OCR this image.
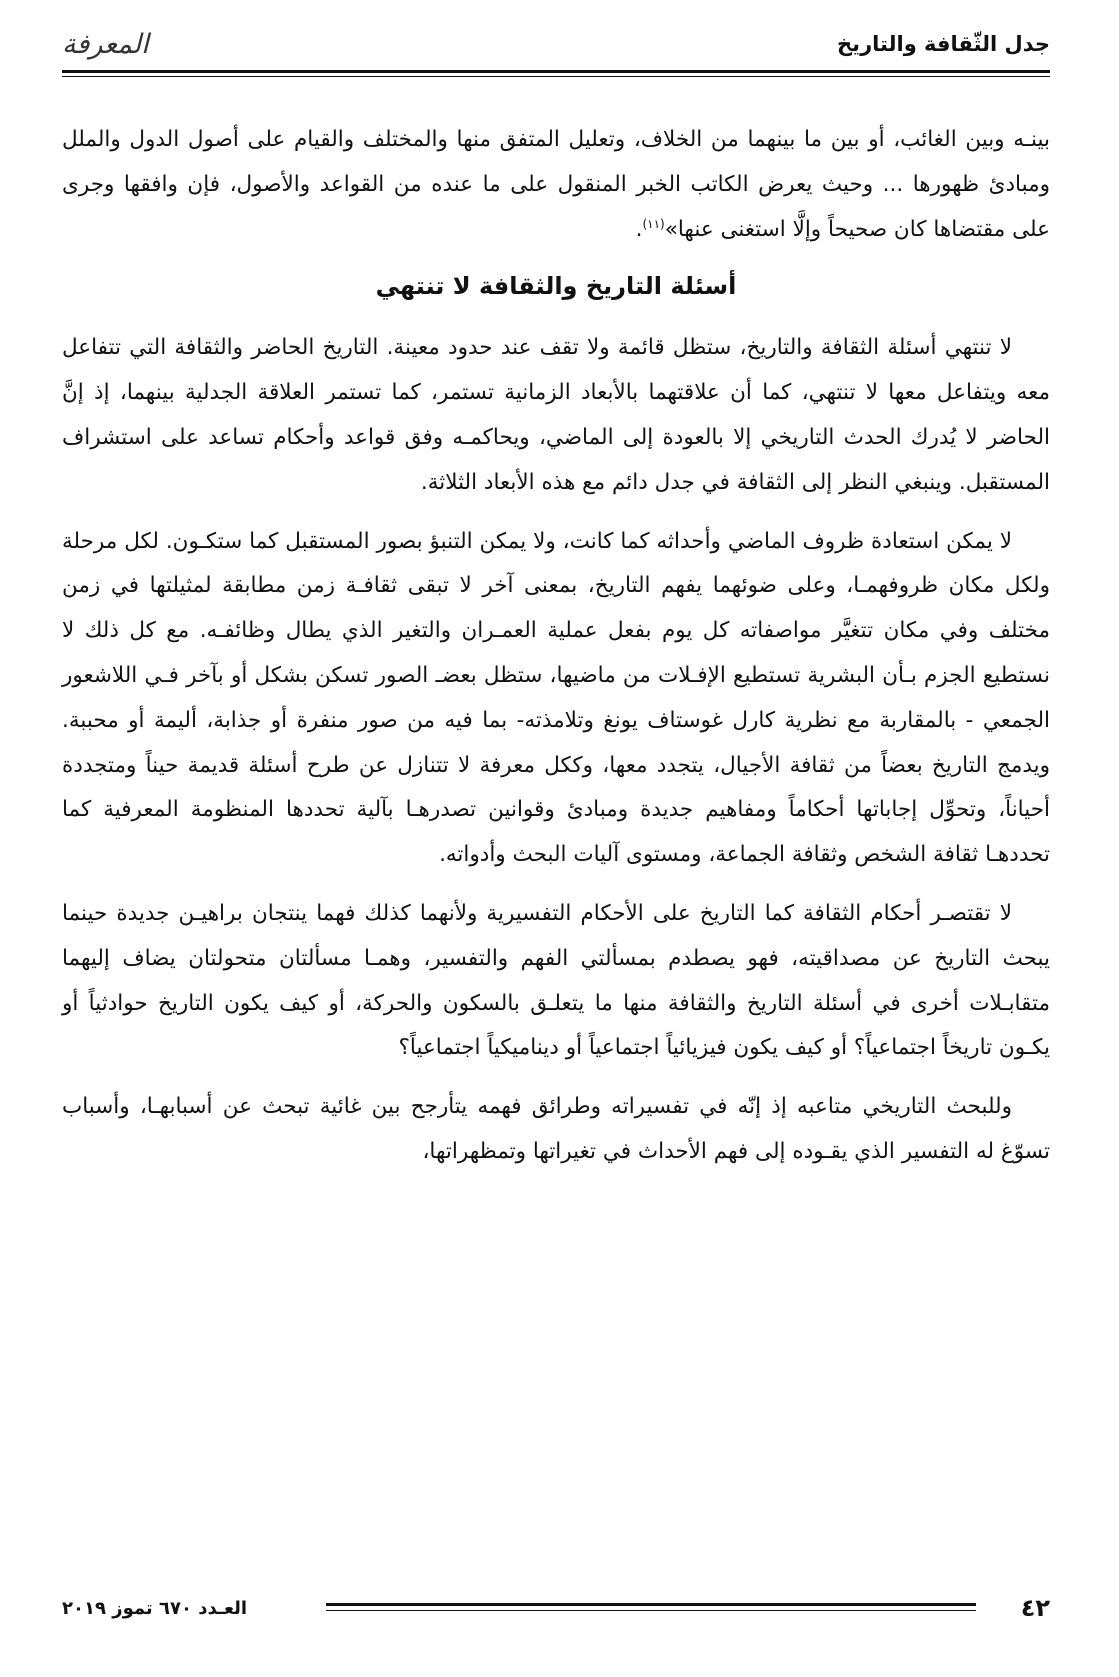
المعرفة	جدل الثّقافة والتاريخ

بينـه وبين الغائب، أو بين ما بينهما من الخلاف، وتعليل المتفق منها والمختلف والقيام على أصول الدول والملل ومبادئ ظهورها ... وحيث يعرض الكاتب الخبر المنقول على ما عنده من القواعد والأصول، فإن وافقها وجرى على مقتضاها كان صحيحاً وإلَّا استغنى عنها»$^{(١١)}$.

أسئلة التاريخ والثقافة لا تنتهي

لا تنتهي أسئلة الثقافة والتاريخ، ستظل قائمة ولا تقف عند حدود معينة. التاريخ الحاضر والثقافة التي تتفاعل معه ويتفاعل معها لا تنتهي، كما أن علاقتهما بالأبعاد الزمانية تستمر، كما تستمر العلاقة الجدلية بينهما، إذ إنَّ الحاضر لا يُدرك الحدث التاريخي إلا بالعودة إلى الماضي، ويحاكمـه وفق قواعد وأحكام تساعد على استشراف المستقبل. وينبغي النظر إلى الثقافة في جدل دائم مع هذه الأبعاد الثلاثة.

لا يمكن استعادة ظروف الماضي وأحداثه كما كانت، ولا يمكن التنبؤ بصور المستقبل كما ستكـون. لكل مرحلة ولكل مكان ظروفهمـا، وعلى ضوئهما يفهم التاريخ، بمعنى آخر لا تبقى ثقافـة زمن مطابقة لمثيلتها في زمن مختلف وفي مكان تتغيَّر مواصفاته كل يوم بفعل عملية العمـران والتغير الذي يطال وظائفـه. مع كل ذلك لا نستطيع الجزم بـأن البشرية تستطيع الإفـلات من ماضيها، ستظل بعضـ الصور تسكن بشكل أو بآخر فـي اللاشعور الجمعي - بالمقاربة مع نظرية كارل غوستاف يونغ وتلامذته- بما فيه من صور منفرة أو جذابة، أليمة أو محببة. ويدمج التاريخ بعضاً من ثقافة الأجيال، يتجدد معها، وككل معرفة لا تتنازل عن طرح أسئلة قديمة حيناً ومتجددة أحياناً، وتحوِّل إجاباتها أحكاماً ومفاهيم جديدة ومبادئ وقوانين تصدرهـا بآلية تحددها المنظومة المعرفية كما تحددهـا ثقافة الشخص وثقافة الجماعة، ومستوى آليات البحث وأدواته.

لا تقتصـر أحكام الثقافة كما التاريخ على الأحكام التفسيرية ولأنهما كذلك فهما ينتجان براهيـن جديدة حينما يبحث التاريخ عن مصداقيته، فهو يصطدم بمسألتي الفهم والتفسير، وهمـا مسألتان متحولتان يضاف إليهما متقابـلات أخرى في أسئلة التاريخ والثقافة منها ما يتعلـق بالسكون والحركة، أو كيف يكون التاريخ حوادثياً أو يكـون تاريخاً اجتماعياً؟ أو كيف يكون فيزيائياً اجتماعياً أو ديناميكياً اجتماعياً؟

وللبحث التاريخي متاعبه إذ إنّه في تفسيراته وطرائق فهمه يتأرجح بين غائية تبحث عن أسبابهـا، وأسباب تسوّغ له التفسير الذي يقـوده إلى فهم الأحداث في تغيراتها وتمظهراتها،

العـدد ٦٧٠ تموز ٢٠١٩	٤٢
